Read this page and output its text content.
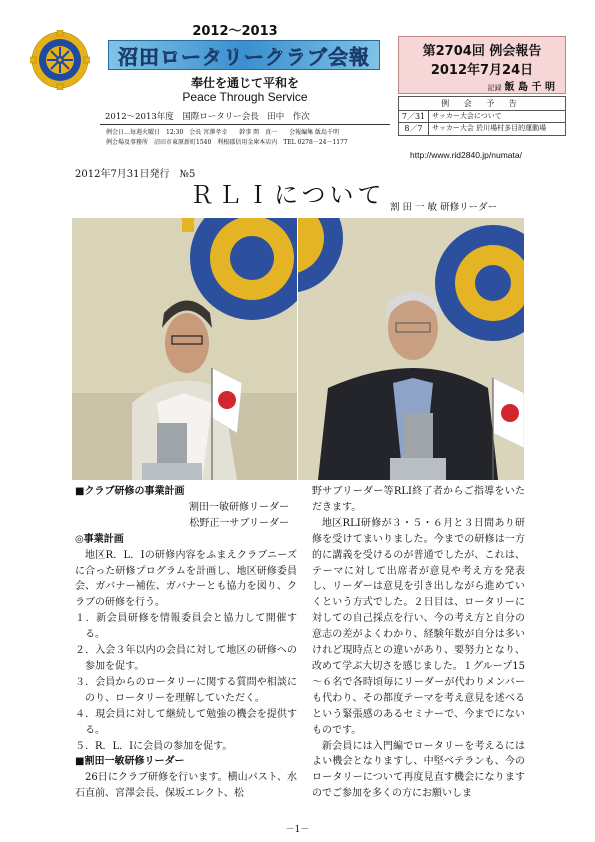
2012～2013
沼田ロータリークラブ会報
奉仕を通じて平和を
Peace Through Service
2012～2013年度　国際ロータリー会長　田中　作次
例会日…毎週火曜日　12:30　会長 宮澤孝幸　　幹事 関　真一　　会報編集 飯島千明
例会場及事務所　沼田市東原新町1540　利根郡信用金庫本店内　TEL 0278－24－1177
第2704回 例会報告
2012年7月24日
記録 飯 島 千 明
例 会 予 告
7／31 サッカー大会について
8／7	サッカー大会 於川場村多目的運動場
http://www.rid2840.jp/numata/
2012年7月31日発行　№5
ＲＬＩについて 割 田 一 敏 研修リーダー

■クラブ研修の事業計画

割田一敏研修リーダー

松野正一サブリーダー

◎事業計画

地区R．L．Iの研修内容をふまえクラブニーズに合った研修プログラムを計画し、地区研修委員会、ガバナー補佐、ガバナーとも協力を図り、クラブの研修を行う。

１．新会員研修を情報委員会と協力して開催する。

２．入会３年以内の会員に対して地区の研修への参加を促す。

３．会員からのロータリーに関する質問や相談にのり、ロータリーを理解していただく。

４．現会員に対して継続して勉強の機会を提供する。

５．R．L．Iに会員の参加を促す。

■割田一敏研修リーダー

26日にクラブ研修を行います。横山パスト、水石直前、宮澤会長、保坂エレクト、松

野サブリーダー等RLI終了者からご指導をいただきます。

地区RLI研修が３・５・６月と３日間あり研修を受けてまいりました。今までの研修は一方的に講義を受けるのが普通でしたが、これは、テーマに対して出席者が意見や考え方を発表し、リーダーは意見を引き出しながら進めていくという方式でした。２日目は、ロータリーに対しての自己採点を行い、今の考え方と自分の意志の差がよくわかり、経験年数が自分は多いけれど現時点との違いがあり、要努力となり、改めて学ぶ大切さを感じました。１グループ15～６名で各時頃毎にリーダーが代わりメンバーも代わり、その都度テーマを考え意見を述べるという緊張感のあるセミナーで、今までにないものです。

新会員には入門編でロータリーを考えるにはよい機会となりますし、中堅ベテランも、今のロータリーについて再度見直す機会になりますのでご参加を多くの方にお願いしま

－1－
